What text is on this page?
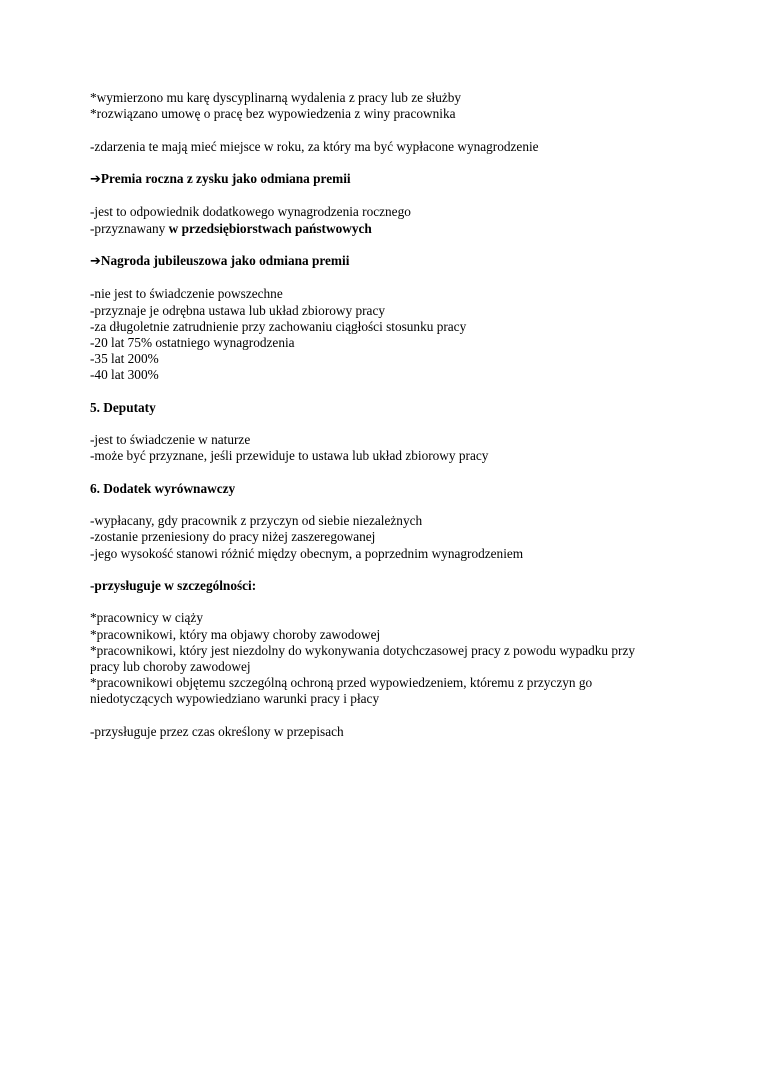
*wymierzono mu karę dyscyplinarną wydalenia z pracy lub ze służby

*rozwiązano umowę o pracę bez wypowiedzenia z winy pracownika

-zdarzenia te mają mieć miejsce w roku, za który ma być wypłacone wynagrodzenie

➔Premia roczna z zysku jako odmiana premii

-jest to odpowiednik dodatkowego wynagrodzenia rocznego

-przyznawany w przedsiębiorstwach państwowych

➔Nagroda jubileuszowa jako odmiana premii

-nie jest to świadczenie powszechne

-przyznaje je odrębna ustawa lub układ zbiorowy pracy

-za długoletnie zatrudnienie przy zachowaniu ciągłości stosunku pracy

-20 lat 75% ostatniego wynagrodzenia

-35 lat 200%

-40 lat 300%

5. Deputaty

-jest to świadczenie w naturze

-może być przyznane, jeśli przewiduje to ustawa lub układ zbiorowy pracy

6. Dodatek wyrównawczy

-wypłacany, gdy pracownik z przyczyn od siebie niezależnych

-zostanie przeniesiony do pracy niżej zaszeregowanej

-jego wysokość stanowi różnić między obecnym, a poprzednim wynagrodzeniem

-przysługuje w szczególności:

*pracownicy w ciąży

*pracownikowi, który ma objawy choroby zawodowej

*pracownikowi, który jest niezdolny do wykonywania dotychczasowej pracy z powodu wypadku przy

pracy lub choroby zawodowej

*pracownikowi objętemu szczególną ochroną przed wypowiedzeniem, któremu z przyczyn go

niedotyczących wypowiedziano warunki pracy i płacy

-przysługuje przez czas określony w przepisach
